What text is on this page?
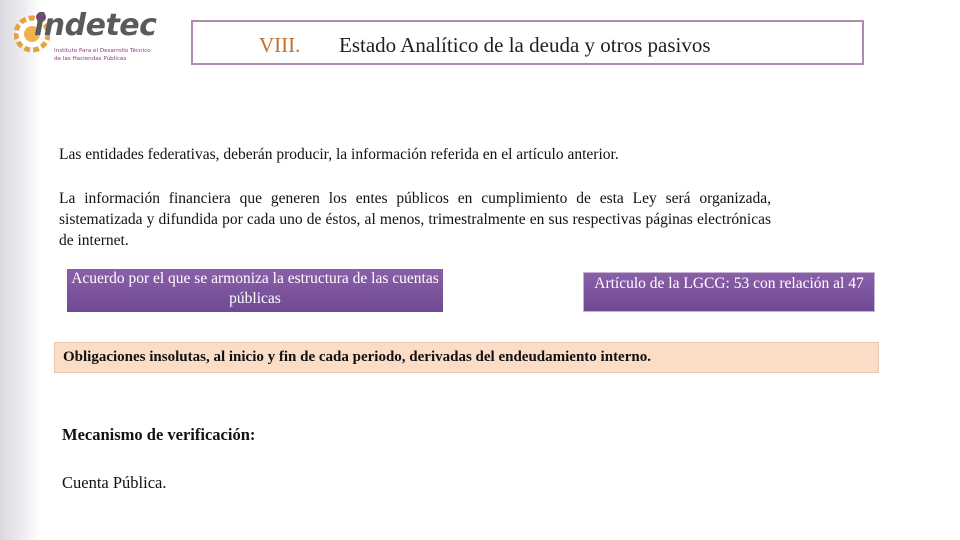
indetec
Instituto Para el Desarrollo Técnico
de las Haciendas Públicas
VIII. Estado Analítico de la deuda y otros pasivos
Las entidades federativas, deberán producir, la información referida en el artículo anterior.
La información financiera que generen los entes públicos en cumplimiento de esta Ley será organizada, sistematizada y difundida por cada uno de éstos, al menos, trimestralmente en sus respectivas páginas electrónicas de internet.
Acuerdo por el que se armoniza la estructura de las cuentas públicas
Artículo de la LGCG: 53 con relación al 47
Obligaciones insolutas, al inicio y fin de cada periodo, derivadas del endeudamiento interno.
Mecanismo de verificación:
Cuenta Pública.
